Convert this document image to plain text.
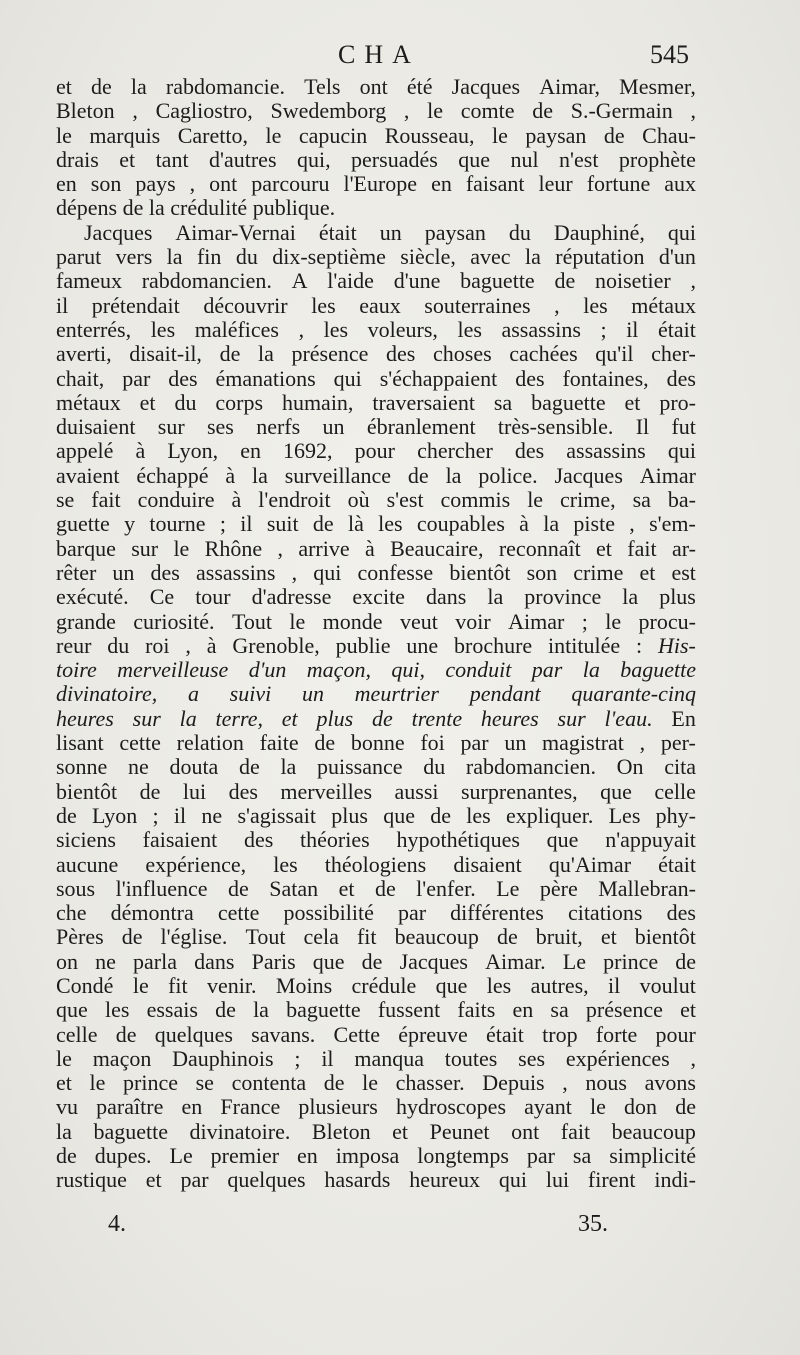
CHA	545
et de la rabdomancie. Tels ont été Jacques Aimar, Mesmer,
Bleton , Cagliostro, Swedemborg , le comte de S.-Germain ,
le marquis Caretto, le capucin Rousseau, le paysan de Chau-
drais et tant d'autres qui, persuadés que nul n'est prophète
en son pays , ont parcouru l'Europe en faisant leur fortune aux
dépens de la crédulité publique.
Jacques Aimar-Vernai était un paysan du Dauphiné, qui
parut vers la fin du dix-septième siècle, avec la réputation d'un
fameux rabdomancien. A l'aide d'une baguette de noisetier ,
il prétendait découvrir les eaux souterraines , les métaux
enterrés, les maléfices , les voleurs, les assassins ; il était
averti, disait-il, de la présence des choses cachées qu'il cher-
chait, par des émanations qui s'échappaient des fontaines, des
métaux et du corps humain, traversaient sa baguette et pro-
duisaient sur ses nerfs un ébranlement très-sensible. Il fut
appelé à Lyon, en 1692, pour chercher des assassins qui
avaient échappé à la surveillance de la police. Jacques Aimar
se fait conduire à l'endroit où s'est commis le crime, sa ba-
guette y tourne ; il suit de là les coupables à la piste , s'em-
barque sur le Rhône , arrive à Beaucaire, reconnaît et fait ar-
rêter un des assassins , qui confesse bientôt son crime et est
exécuté. Ce tour d'adresse excite dans la province la plus
grande curiosité. Tout le monde veut voir Aimar ; le procu-
reur du roi , à Grenoble, publie une brochure intitulée : His-
toire merveilleuse d'un maçon, qui, conduit par la baguette
divinatoire, a suivi un meurtrier pendant quarante-cinq
heures sur la terre, et plus de trente heures sur l'eau. En
lisant cette relation faite de bonne foi par un magistrat , per-
sonne ne douta de la puissance du rabdomancien. On cita
bientôt de lui des merveilles aussi surprenantes, que celle
de Lyon ; il ne s'agissait plus que de les expliquer. Les phy-
siciens faisaient des théories hypothétiques que n'appuyait
aucune expérience, les théologiens disaient qu'Aimar était
sous l'influence de Satan et de l'enfer. Le père Mallebran-
che démontra cette possibilité par différentes citations des
Pères de l'église. Tout cela fit beaucoup de bruit, et bientôt
on ne parla dans Paris que de Jacques Aimar. Le prince de
Condé le fit venir. Moins crédule que les autres, il voulut
que les essais de la baguette fussent faits en sa présence et
celle de quelques savans. Cette épreuve était trop forte pour
le maçon Dauphinois ; il manqua toutes ses expériences ,
et le prince se contenta de le chasser. Depuis , nous avons
vu paraître en France plusieurs hydroscopes ayant le don de
la baguette divinatoire. Bleton et Peunet ont fait beaucoup
de dupes. Le premier en imposa longtemps par sa simplicité
rustique et par quelques hasards heureux qui lui firent indi-
4.	35.
